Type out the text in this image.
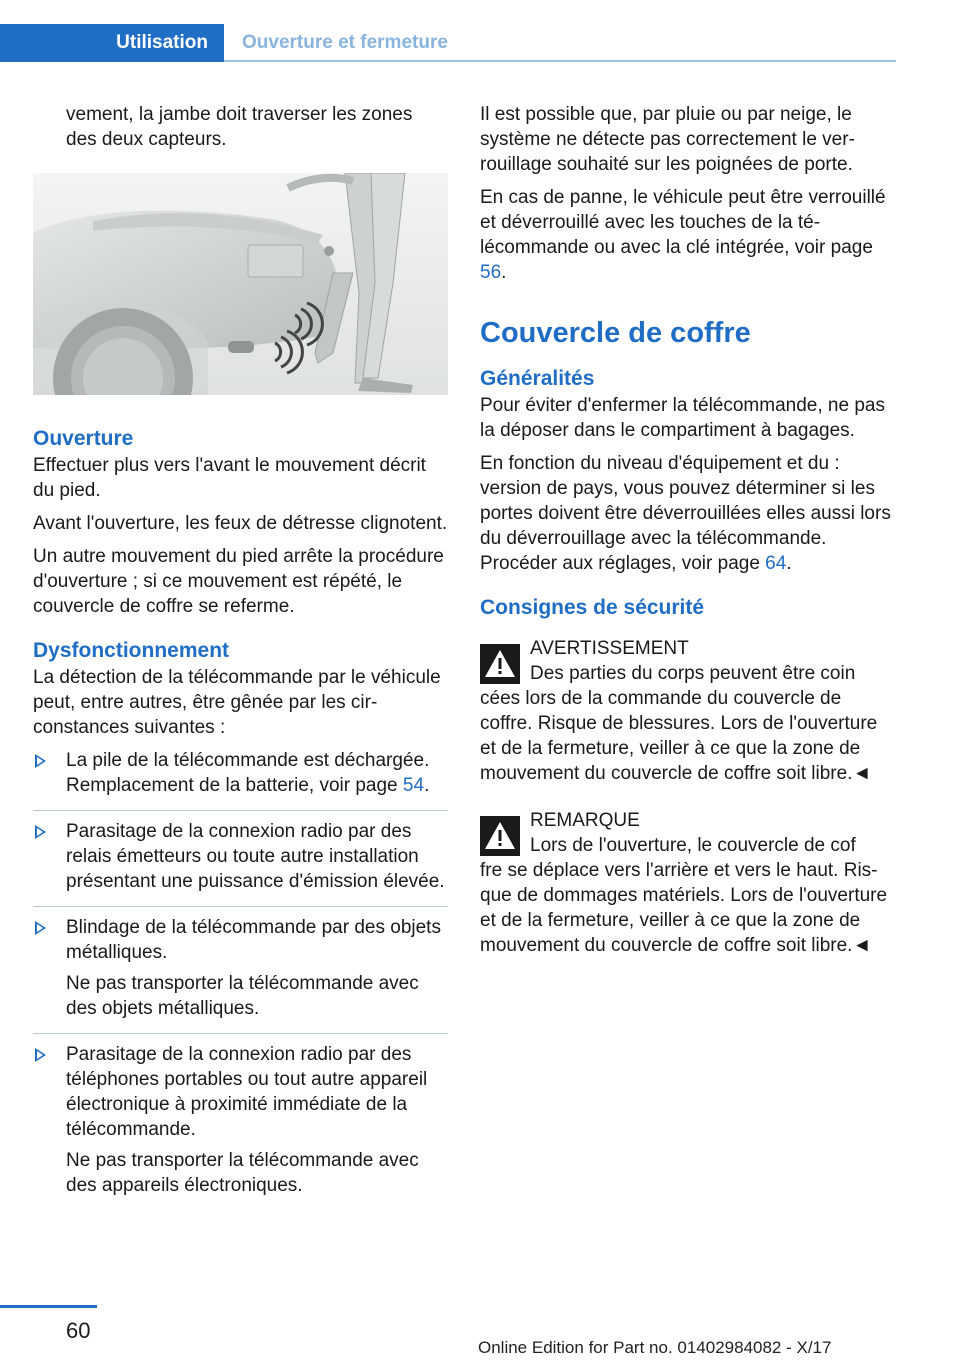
Utilisation	Ouverture et fermeture

vement, la jambe doit traverser les zones des deux capteurs.

Ouverture

Effectuer plus vers l'avant le mouvement décrit du pied.

Avant l'ouverture, les feux de détresse clignotent.

Un autre mouvement du pied arrête la procédure d'ouverture ; si ce mouvement est répété, le couvercle de coffre se referme.

Dysfonctionnement

La détection de la télécommande par le véhicule peut, entre autres, être gênée par les circonstances suivantes :

La pile de la télécommande est déchargée. Remplacement de la batterie, voir page 54.

Parasitage de la connexion radio par des relais émetteurs ou toute autre installation présentant une puissance d'émission élevée.

Blindage de la télécommande par des objets métalliques.

Ne pas transporter la télécommande avec des objets métalliques.

Parasitage de la connexion radio par des téléphones portables ou tout autre appareil électronique à proximité immédiate de la télécommande.

Ne pas transporter la télécommande avec des appareils électroniques.

Il est possible que, par pluie ou par neige, le système ne détecte pas correctement le verrouillage souhaité sur les poignées de porte.

En cas de panne, le véhicule peut être verrouillé et déverrouillé avec les touches de la télécommande ou avec la clé intégrée, voir page 56.

Couvercle de coffre
Généralités

Pour éviter d'enfermer la télécommande, ne pas la déposer dans le compartiment à bagages.

En fonction du niveau d'équipement et du : version de pays, vous pouvez déterminer si les portes doivent être déverrouillées elles aussi lors du déverrouillage avec la télécommande. Procéder aux réglages, voir page 64.

Consignes de sécurité

AVERTISSEMENT

Des parties du corps peuvent être coin
cées lors de la commande du couvercle de coffre. Risque de blessures. Lors de l'ouverture et de la fermeture, veiller à ce que la zone de mouvement du couvercle de coffre soit libre.◄

REMARQUE

Lors de l'ouverture, le couvercle de cof
fre se déplace vers l'arrière et vers le haut. Risque de dommages matériels. Lors de l'ouverture et de la fermeture, veiller à ce que la zone de mouvement du couvercle de coffre soit libre.◄

60
Online Edition for Part no. 01402984082 - X/17
